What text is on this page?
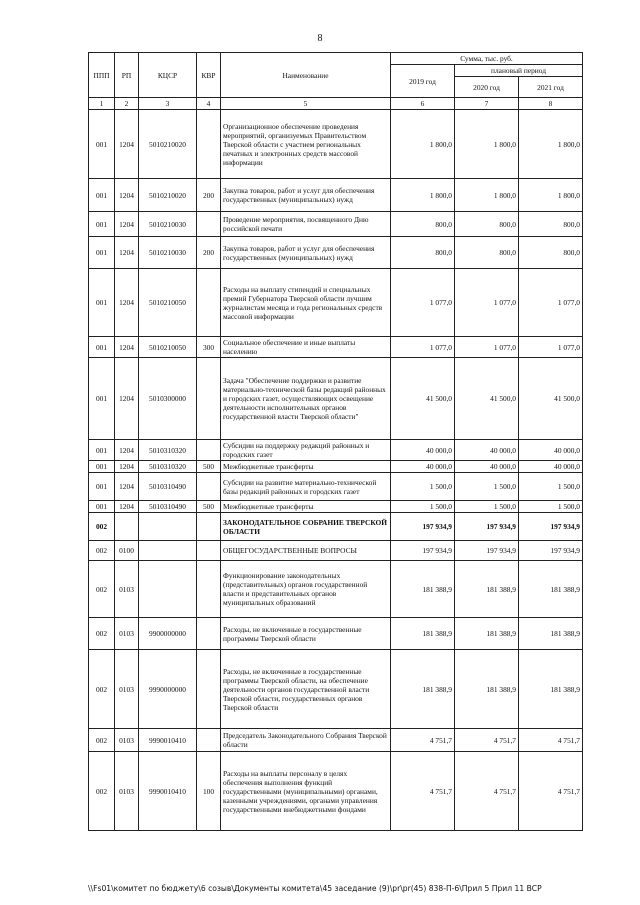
8
ППП	РП	КЦСР	КВР	Наименование	Сумма, тыс. руб.		
					2019 год	плановый период	
						2020 год	2021 год
1	2	3	4	5	6	7	8
001	1204	5010210020		Организационное обеспечение проведения мероприятий, организуемых Правительством Тверской области с участием региональных печатных и электронных средств массовой информации	1 800,0	1 800,0	1 800,0
001	1204	5010210020	200	Закупка товаров, работ и услуг для обеспечения государственных (муниципальных) нужд	1 800,0	1 800,0	1 800,0
001	1204	5010210030		Проведение мероприятия, посвященного Дню российской печати	800,0	800,0	800,0
001	1204	5010210030	200	Закупка товаров, работ и услуг для обеспечения государственных (муниципальных) нужд	800,0	800,0	800,0
001	1204	5010210050		Расходы на выплату стипендий и специальных премий Губернатора Тверской области лучшим журналистам месяца и года региональных средств массовой информации	1 077,0	1 077,0	1 077,0
001	1204	5010210050	300	Социальное обеспечение и иные выплаты населению	1 077,0	1 077,0	1 077,0
001	1204	5010300000		Задача "Обеспечение поддержки и развитие материально-технической базы редакций районных и городских газет, осуществляющих освещение деятельности исполнительных органов государственной власти Тверской области"	41 500,0	41 500,0	41 500,0
001	1204	5010310320		Субсидии на поддержку редакций районных и городских газет	40 000,0	40 000,0	40 000,0
001	1204	5010310320	500	Межбюджетные трансферты	40 000,0	40 000,0	40 000,0
001	1204	5010310490		Субсидии на развитие материально-технической базы редакций районных и городских газет	1 500,0	1 500,0	1 500,0
001	1204	5010310490	500	Межбюджетные трансферты	1 500,0	1 500,0	1 500,0
002				ЗАКОНОДАТЕЛЬНОЕ СОБРАНИЕ ТВЕРСКОЙ ОБЛАСТИ	197 934,9	197 934,9	197 934,9
002	0100			ОБЩЕГОСУДАРСТВЕННЫЕ ВОПРОСЫ	197 934,9	197 934,9	197 934,9
002	0103			Функционирование законодательных (представительных) органов государственной власти и представительных органов муниципальных образований	181 388,9	181 388,9	181 388,9
002	0103	9900000000		Расходы, не включенные в государственные программы Тверской области	181 388,9	181 388,9	181 388,9
002	0103	9990000000		Расходы, не включенные в государственные программы Тверской области, на обеспечение деятельности органов государственной власти Тверской области, государственных органов Тверской области	181 388,9	181 388,9	181 388,9
002	0103	9990010410		Председатель Законодательного Собрания Тверской области	4 751,7	4 751,7	4 751,7
002	0103	9990010410	100	Расходы на выплаты персоналу в целях обеспечения выполнения функций государственными (муниципальными) органами, казенными учреждениями, органами управления государственными внебюджетными фондами	4 751,7	4 751,7	4 751,7
\\Fs01\комитет по бюджету\6 созыв\Документы комитета\45 заседание (9)\pr\pr(45) 838-П-6\Прил 5 Прил 11 ВСР
